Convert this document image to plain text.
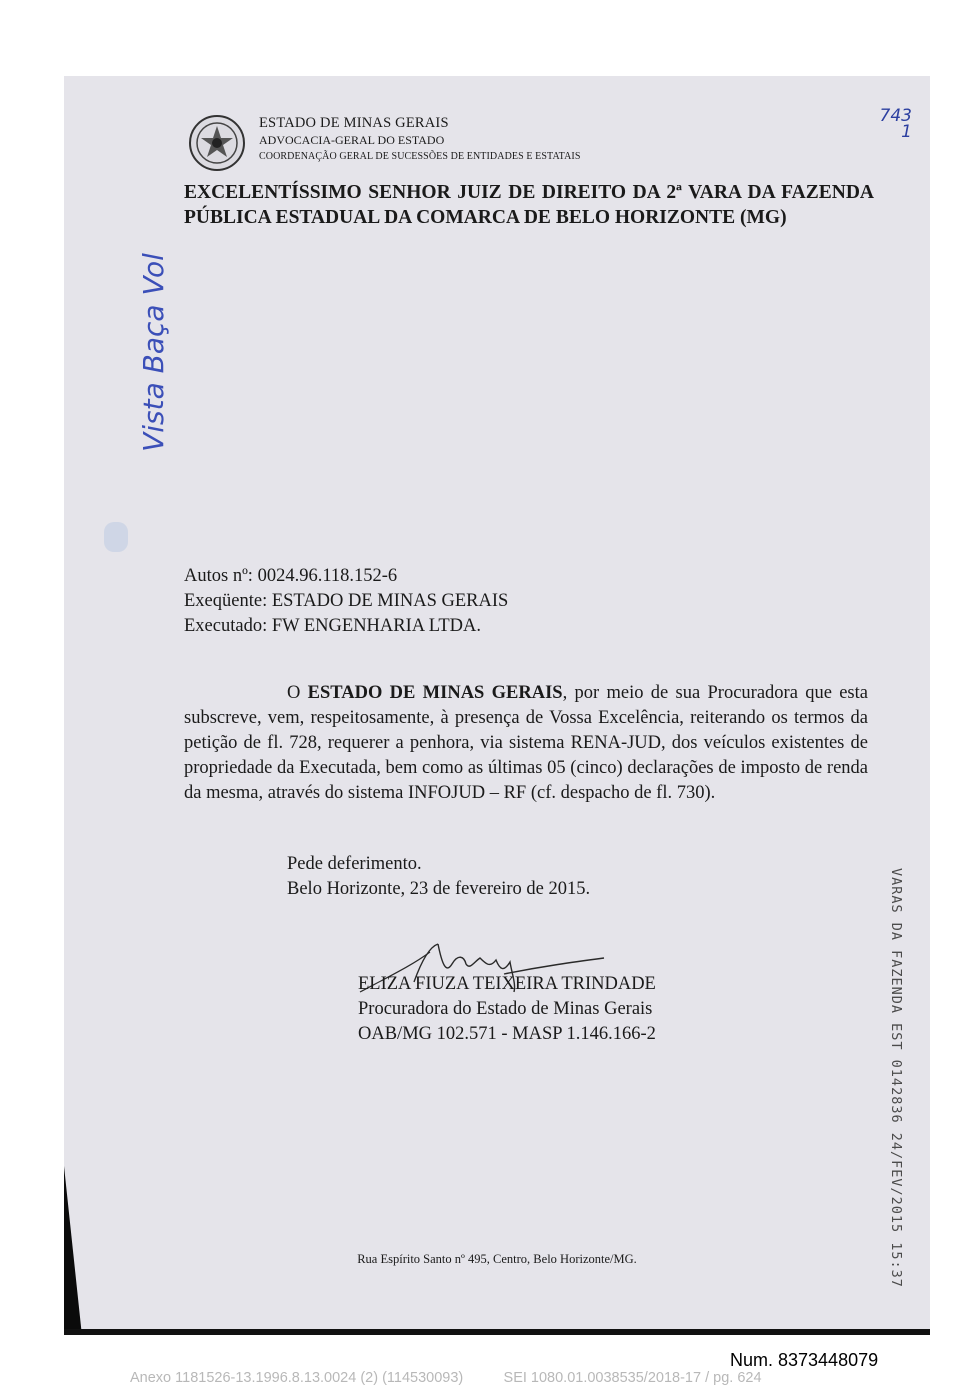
ESTADO DE MINAS GERAIS
ADVOCACIA-GERAL DO ESTADO
COORDENAÇÃO GERAL DE SUCESSÕES DE ENTIDADES E ESTATAIS
743
1
Vista Baça Vol
EXCELENTÍSSIMO SENHOR JUIZ DE DIREITO DA 2ª VARA DA FAZENDA PÚBLICA ESTADUAL DA COMARCA DE BELO HORIZONTE (MG)
Autos nº: 0024.96.118.152-6
Exeqüente: ESTADO DE MINAS GERAIS
Executado: FW ENGENHARIA LTDA.
O ESTADO DE MINAS GERAIS, por meio de sua Procuradora que esta subscreve, vem, respeitosamente, à presença de Vossa Excelência, reiterando os termos da petição de fl. 728, requerer a penhora, via sistema RENA-JUD, dos veículos existentes de propriedade da Executada, bem como as últimas 05 (cinco) declarações de imposto de renda da mesma, através do sistema INFOJUD – RF (cf. despacho de fl. 730).
Pede deferimento.
Belo Horizonte, 23 de fevereiro de 2015.
ELIZA FIUZA TEIXEIRA TRINDADE
Procuradora do Estado de Minas Gerais
OAB/MG 102.571 - MASP 1.146.166-2	VARAS DA FAZENDA EST 0142836 24/FEV/2015 15:37
Rua Espírito Santo nº 495, Centro, Belo Horizonte/MG.
Num. 8373448079
Anexo 1181526-13.1996.8.13.0024 (2) (114530093)          SEI 1080.01.0038535/2018-17 / pg. 624
